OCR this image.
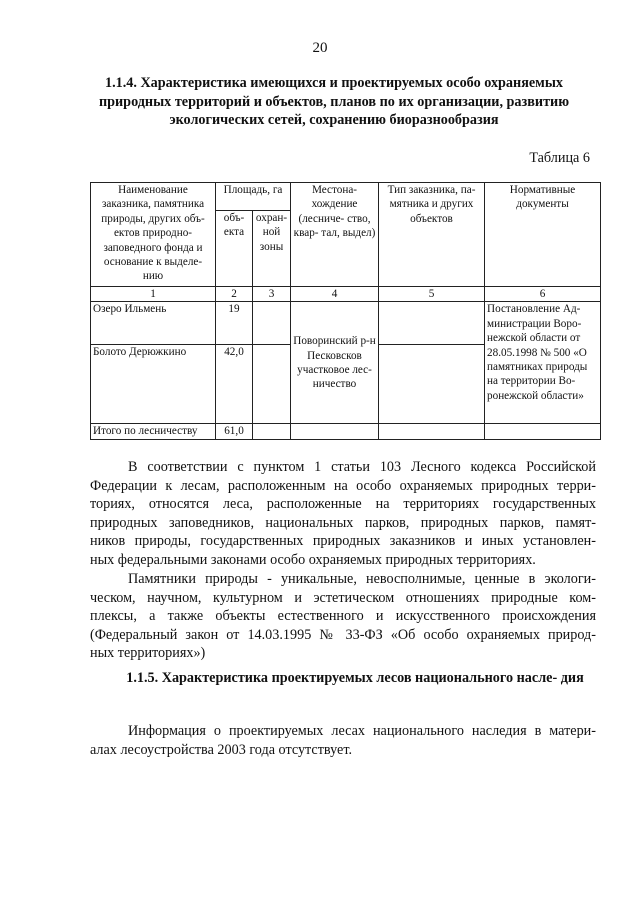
20
1.1.4. Характеристика имеющихся и проектируемых особо охраняемых природных территорий и объектов, планов по их организации, развитию экологических сетей, сохранению биоразнообразия
Таблица 6
Наименование заказника, памятника природы, других объ- ектов природно- заповедного фонда и основание к выделе- нию	Площадь, га		Местона- хождение (лесниче- ство, квар- тал, выдел)	Тип заказника, па- мятника и других объектов	Нормативные документы
	объ- екта	охран- ной зоны			
1	2	3	4	5	6
Озеро Ильмень	19		Поворинский р-н Песковсков участковое лес- ничество		Постановление Ад- министрации Воро- нежской области от 28.05.1998 № 500 «О памятниках природы на территории Во- ронежской области»
Болото Дерюжкино	42,0				
Итого по лесничеству	61,0				
В соответствии с пунктом 1 статьи 103 Лесного кодекса Российской
Федерации к лесам, расположенным на особо охраняемых природных терри-
ториях, относятся леса, расположенные на территориях государственных
природных заповедников, национальных парков, природных парков, памят-
ников природы, государственных природных заказников и иных установлен-
ных федеральными законами особо охраняемых природных территориях.
Памятники природы - уникальные, невосполнимые, ценные в экологи-
ческом, научном, культурном и эстетическом отношениях природные ком-
плексы, а также объекты естественного и искусственного происхождения
(Федеральный закон от 14.03.1995 № 33-ФЗ «Об особо охраняемых природ-
ных территориях»)
1.1.5. Характеристика проектируемых лесов национального насле- дия
Информация о проектируемых лесах национального наследия в матери-
алах лесоустройства 2003 года отсутствует.
